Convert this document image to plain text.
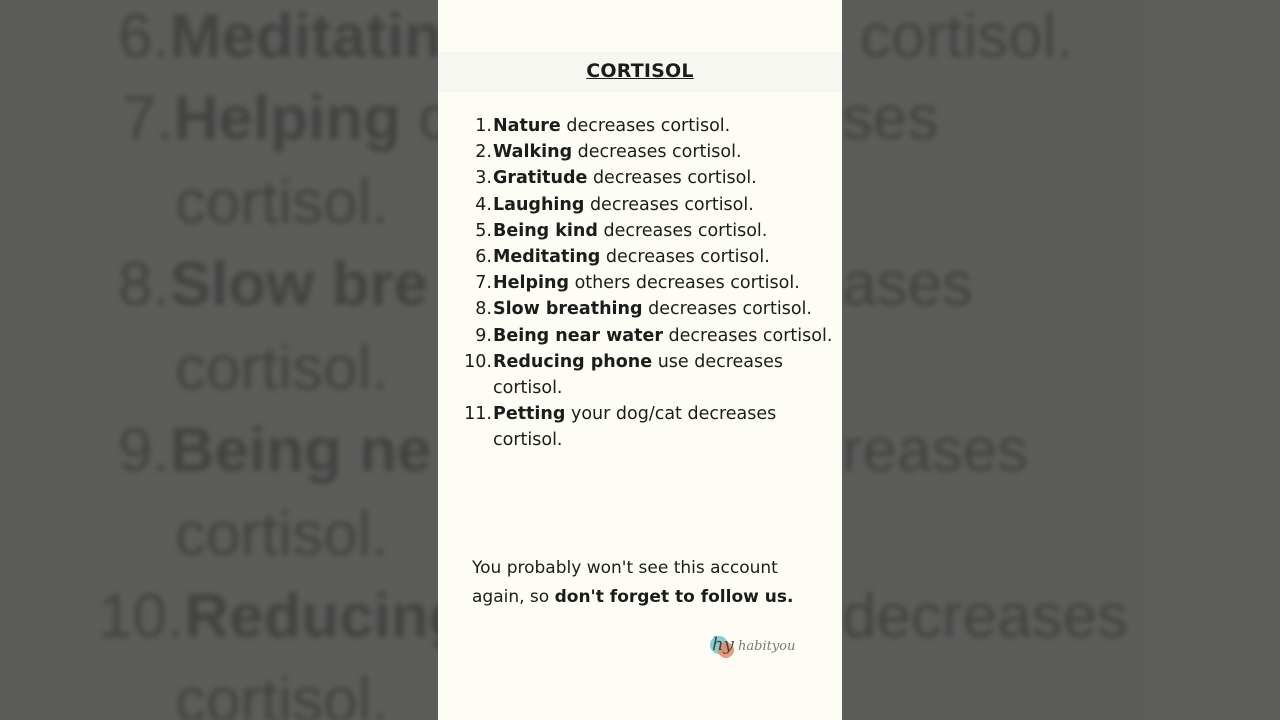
CORTISOL
1. Nature decreases cortisol.
2. Walking decreases cortisol.
3. Gratitude decreases cortisol.
4. Laughing decreases cortisol.
5. Being kind decreases cortisol.
6. Meditating decreases cortisol.
7. Helping others decreases cortisol.
8. Slow breathing decreases cortisol.
9. Being near water decreases cortisol.
10. Reducing phone use decreases cortisol.
11. Petting your dog/cat decreases cortisol.
You probably won't see this account again, so don't forget to follow us.
hy habityou
